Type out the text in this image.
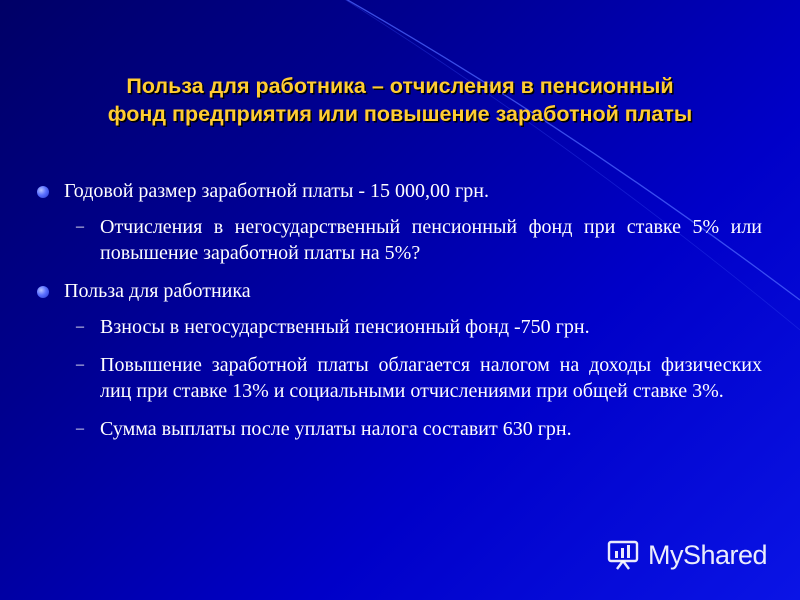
Польза для работника – отчисления в пенсионный
фонд предприятия или повышение заработной платы
Годовой размер заработной платы - 15 000,00 грн.
– Отчисления в негосударственный пенсионный фонд при ставке 5% или повышение заработной платы на 5%?
Польза для работника
– Взносы в негосударственный пенсионный фонд -750 грн.
– Повышение заработной платы облагается налогом на доходы физических лиц при ставке 13% и социальными отчислениями при общей ставке 3%.
– Сумма выплаты после уплаты налога составит 630 грн.
MyShared
